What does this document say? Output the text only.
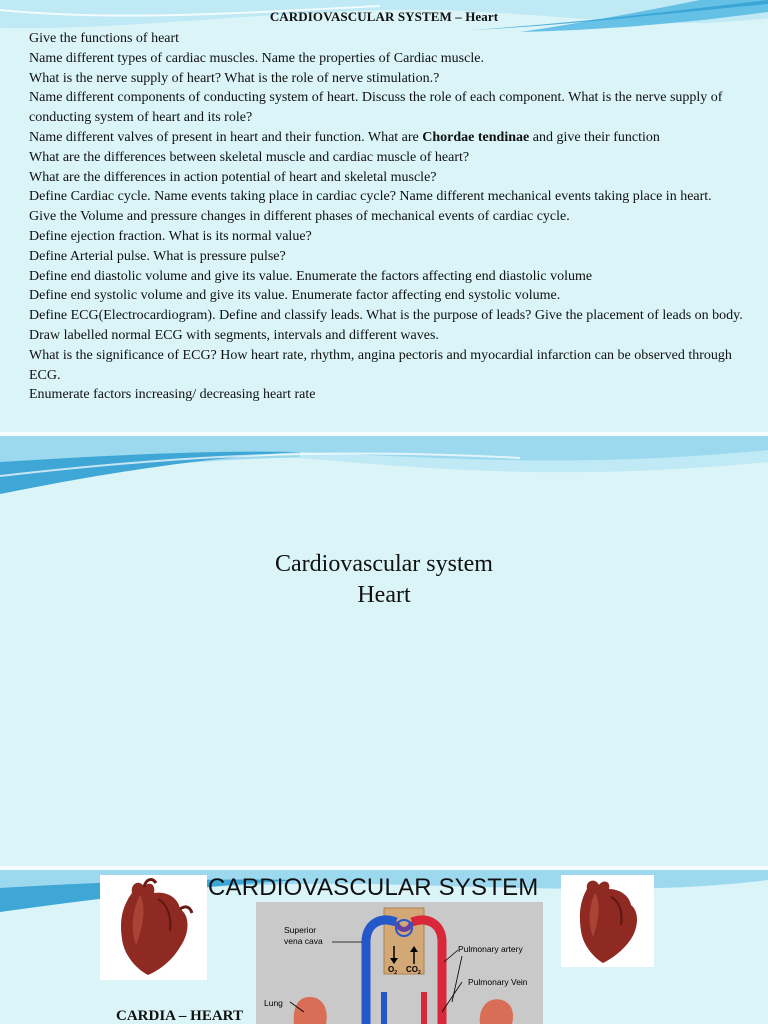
CARDIOVASCULAR SYSTEM – Heart
Give the functions of heart
Name different types of cardiac muscles. Name the properties of Cardiac muscle.
What is the nerve supply of heart? What is the role of nerve stimulation.?
Name different components of conducting system of heart. Discuss the role of each component. What is the nerve supply of conducting system of heart and its role?
Name different valves of present in heart and their function. What are Chordae tendinae and give their function
What are the differences between skeletal muscle and cardiac muscle of heart?
What are the differences in action potential of heart and skeletal muscle?
Define Cardiac cycle. Name events taking place in cardiac cycle? Name different mechanical events taking place in heart.
Give the Volume and pressure changes in different phases of mechanical events of cardiac cycle.
Define ejection fraction. What is its normal value?
Define Arterial pulse. What is pressure pulse?
Define end diastolic volume and give its value. Enumerate the factors affecting end diastolic volume
Define end systolic volume and give its value. Enumerate factor affecting end systolic volume.
Define ECG(Electrocardiogram). Define and classify leads. What is the purpose of leads? Give the placement of leads on body. Draw labelled normal ECG with segments, intervals and different waves.
What is the significance of ECG? How heart rate, rhythm, angina pectoris and myocardial infarction can be observed through ECG.
Enumerate factors increasing/ decreasing heart rate
Cardiovascular system
Heart
CARDIOVASCULAR SYSTEM
Superior
vena cava
Pulmonary artery
Pulmonary Vein
Lung
$O_2$ $CO_2$
CARDIA – HEART
